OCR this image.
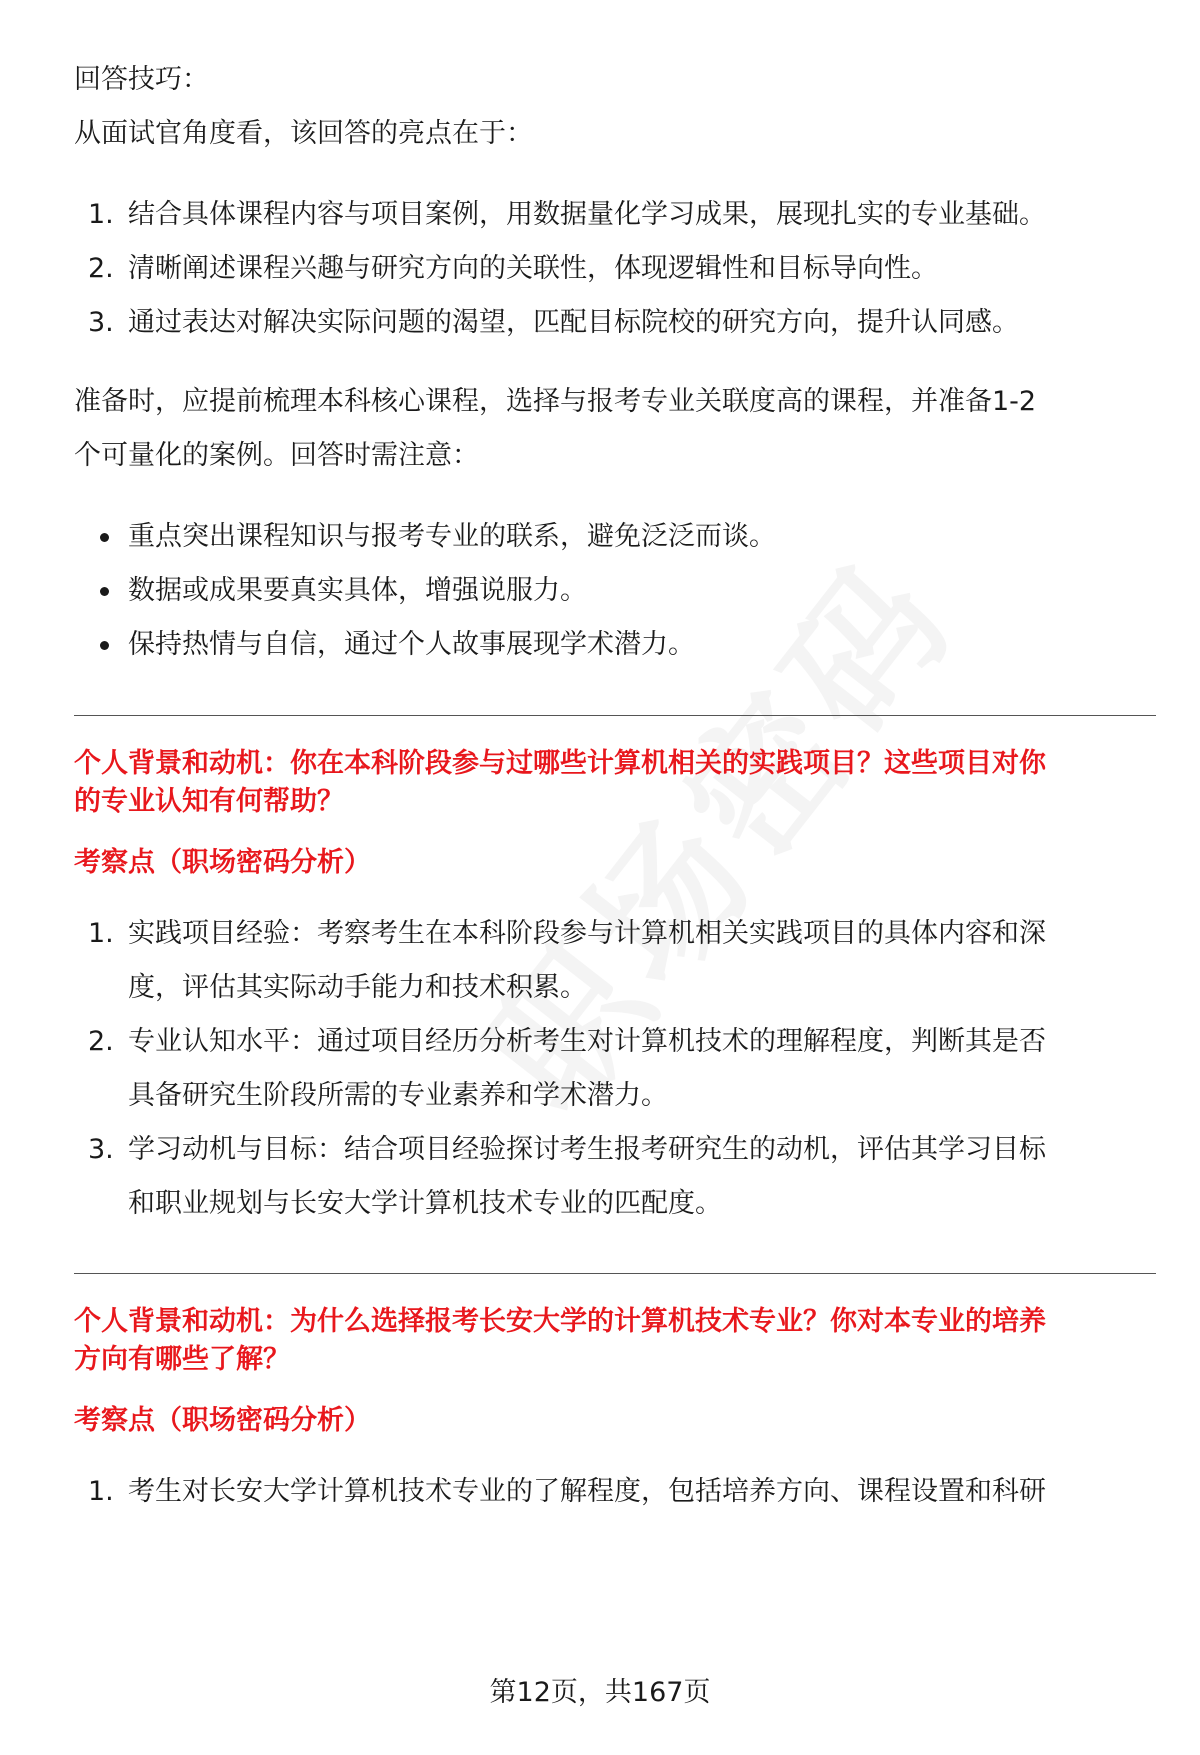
回答技巧：
从面试官角度看，该回答的亮点在于：
1. 结合具体课程内容与项目案例，用数据量化学习成果，展现扎实的专业基础。
2. 清晰阐述课程兴趣与研究方向的关联性，体现逻辑性和目标导向性。
3. 通过表达对解决实际问题的渴望，匹配目标院校的研究方向，提升认同感。
准备时，应提前梳理本科核心课程，选择与报考专业关联度高的课程，并准备1-2
个可量化的案例。回答时需注意：
重点突出课程知识与报考专业的联系，避免泛泛而谈。
数据或成果要真实具体，增强说服力。
保持热情与自信，通过个人故事展现学术潜力。
个人背景和动机：你在本科阶段参与过哪些计算机相关的实践项目？这些项目对你
的专业认知有何帮助？
考察点（职场密码分析）
1. 实践项目经验：考察考生在本科阶段参与计算机相关实践项目的具体内容和深
度，评估其实际动手能力和技术积累。
2. 专业认知水平：通过项目经历分析考生对计算机技术的理解程度，判断其是否
具备研究生阶段所需的专业素养和学术潜力。
3. 学习动机与目标：结合项目经验探讨考生报考研究生的动机，评估其学习目标
和职业规划与长安大学计算机技术专业的匹配度。
个人背景和动机：为什么选择报考长安大学的计算机技术专业？你对本专业的培养
方向有哪些了解？
考察点（职场密码分析）
1. 考生对长安大学计算机技术专业的了解程度，包括培养方向、课程设置和科研
第12页，共167页
